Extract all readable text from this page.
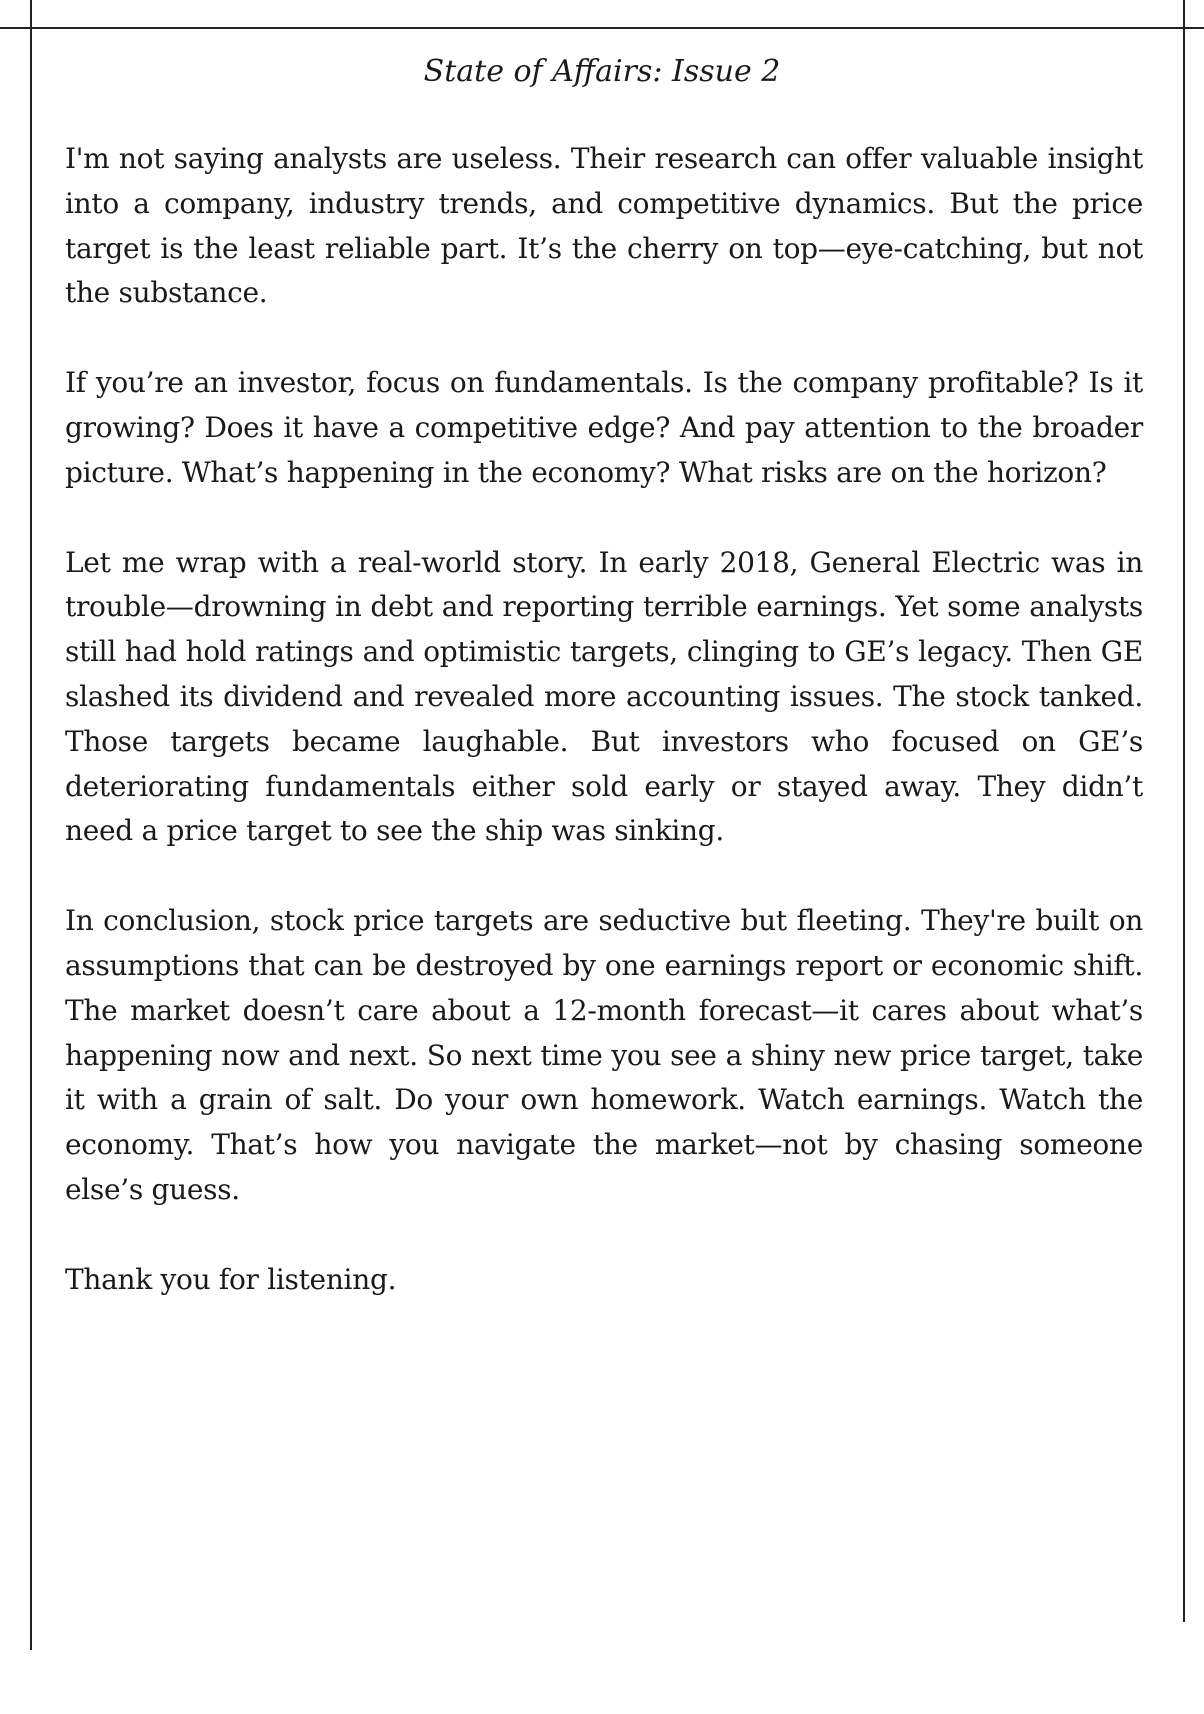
State of Affairs: Issue 2

I'm not saying analysts are useless. Their research can offer valuable insight into a company, industry trends, and competitive dynamics. But the price target is the least reliable part. It’s the cherry on top—eye-catching, but not the substance.

If you’re an investor, focus on fundamentals. Is the company profitable? Is it growing? Does it have a competitive edge? And pay attention to the broader picture. What’s happening in the economy? What risks are on the horizon?

Let me wrap with a real-world story. In early 2018, General Electric was in trouble—drowning in debt and reporting terrible earnings. Yet some analysts still had hold ratings and optimistic targets, clinging to GE’s legacy. Then GE slashed its dividend and revealed more accounting issues. The stock tanked. Those targets became laughable. But investors who focused on GE’s deteriorating fundamentals either sold early or stayed away. They didn’t need a price target to see the ship was sinking.

In conclusion, stock price targets are seductive but fleeting. They're built on assumptions that can be destroyed by one earnings report or economic shift. The market doesn’t care about a 12-month forecast—it cares about what’s happening now and next. So next time you see a shiny new price target, take it with a grain of salt. Do your own homework. Watch earnings. Watch the economy. That’s how you navigate the market—not by chasing someone else’s guess.

Thank you for listening.
